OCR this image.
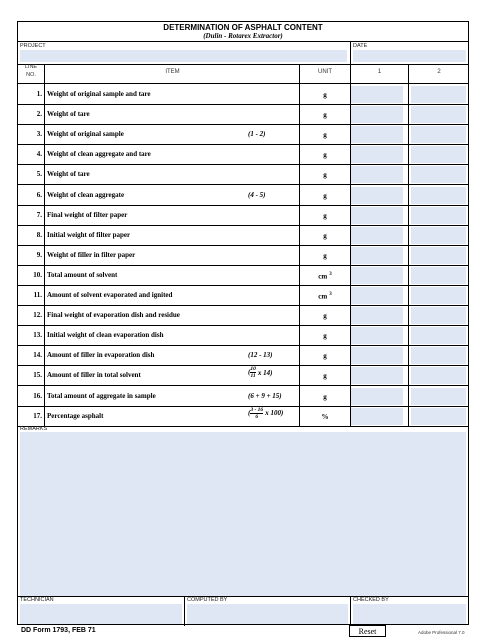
DETERMINATION OF ASPHALT CONTENT
(Dulin - Rotarex Extractor)
PROJECT	DATE
LINE
NO.	ITEM	UNIT	1	2
1. Weight of original sample and tare	g
2. Weight of tare	g
3. Weight of original sample	(1 - 2)	g
4. Weight of clean aggregate and tare	g
5. Weight of tare	g
6. Weight of clean aggregate	(4 - 5)	g
7. Final weight of filter paper	g
8. Initial weight of filter paper	g
9. Weight of filler in filter paper	g
10. Total amount of solvent	cm $^3$
11. Amount of solvent evaporated and ignited	cm $^3$
12. Final weight of evaporation dish and residue	g
13. Initial weight of clean evaporation dish	g
14. Amount of filler in evaporation dish	(12 - 13)	g
15. Amount of filler in total solvent	( $\frac{10}{11}$ x 14)	g
16. Total amount of aggregate in sample	(6 + 9 + 15)	g
17. Percentage asphalt	( $\frac{3 - 16}{6}$ x 100)	%
REMARKS
TECHNICIAN	COMPUTED BY	CHECKED BY
DD Form 1793, FEB 71	Reset	Adobe Professional 7.0
